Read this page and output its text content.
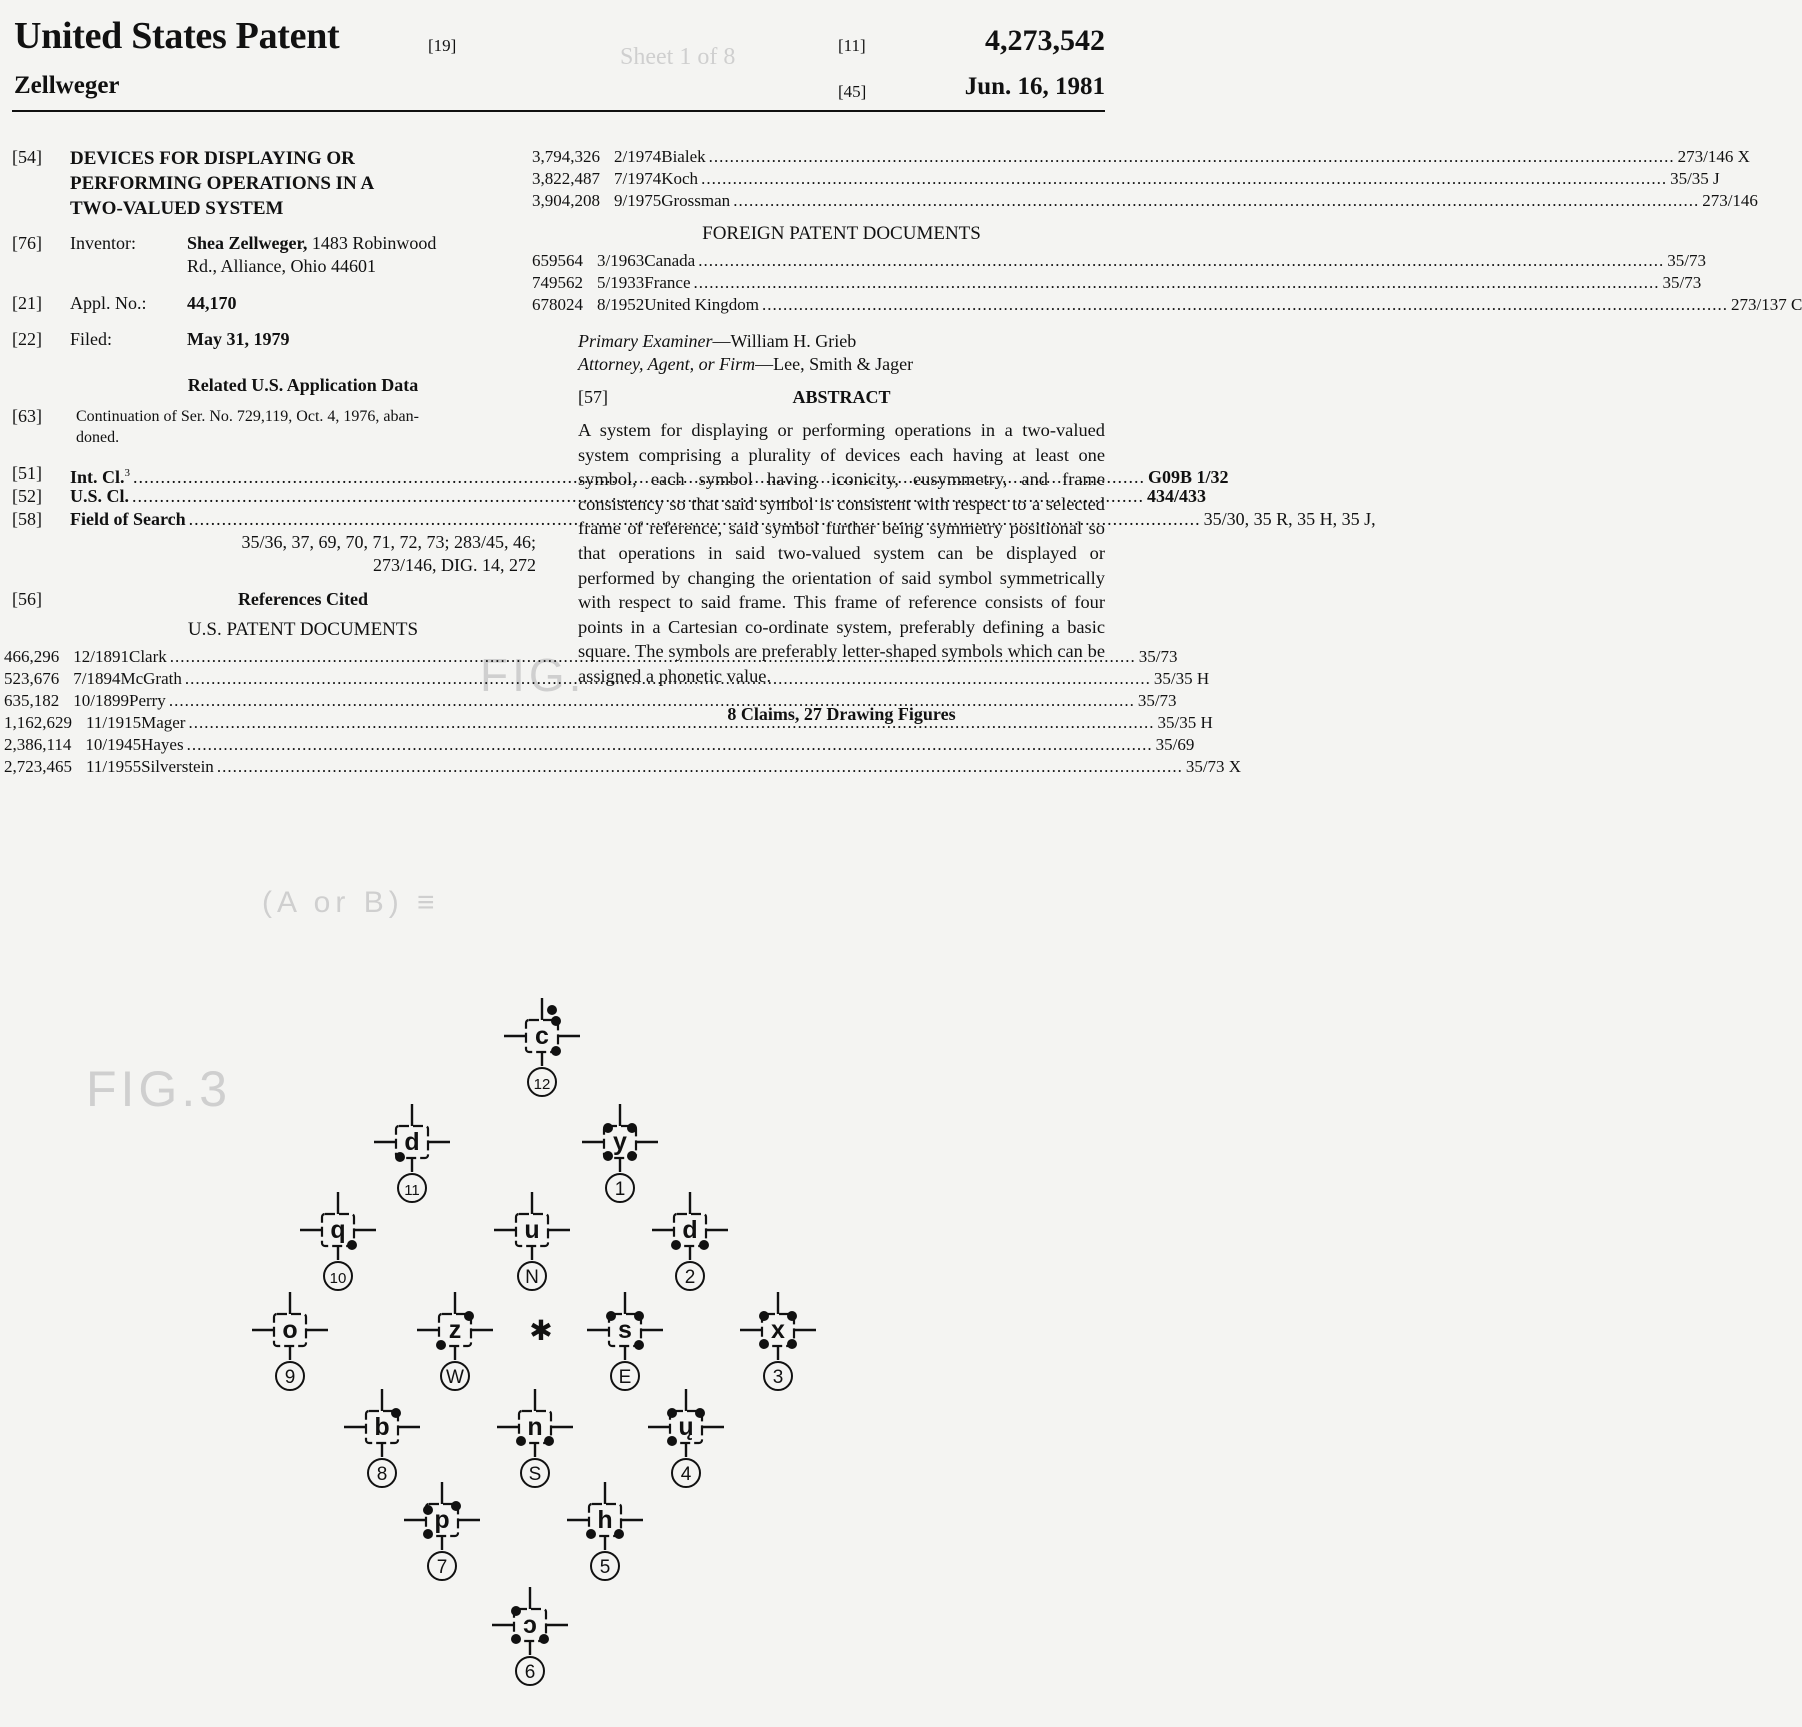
Sheet 1 of 8
FIG.3
FIG.
(A or B) ≡
United States Patent	[19]
Zellweger
[11]	4,273,542
[45]	Jun. 16, 1981
[54] DEVICES FOR DISPLAYING OR
PERFORMING OPERATIONS IN A
TWO-VALUED SYSTEM
[76] Inventor:	Shea Zellweger, 1483 Robinwood
Rd., Alliance, Ohio 44601
[21] Appl. No.: 44,170
[22] Filed:	May 31, 1979
Related U.S. Application Data
[63] Continuation of Ser. No. 729,119, Oct. 4, 1976, aban-
doned.
[51] Int. Cl.$^3$ .....	G09B 1/32
[52] U.S. Cl. .....	434/433
[58] Field of Search .....	35/30, 35 R, 35 H, 35 J,
35/36, 37, 69, 70, 71, 72, 73; 283/45, 46;
273/146, DIG. 14, 272
[56]	References Cited
U.S. PATENT DOCUMENTS
466,296 12/1891 Clark .....	35/73
523,676 7/1894 McGrath .....	35/35 H
635,182 10/1899 Perry .....	35/73
1,162,629 11/1915 Mager .....	35/35 H
2,386,114 10/1945 Hayes .....	35/69
2,723,465 11/1955 Silverstein .....	35/73 X
3,794,326 2/1974 Bialek .....	273/146 X
3,822,487 7/1974 Koch .....	35/35 J
3,904,208 9/1975 Grossman .....	273/146
FOREIGN PATENT DOCUMENTS
659564 3/1963 Canada .....	35/73
749562 5/1933 France .....	35/73
678024 8/1952 United Kingdom .....	273/137 C
Primary Examiner—William H. Grieb
Attorney, Agent, or Firm—Lee, Smith & Jager
[57]	ABSTRACT
A system for displaying or performing operations in a two-valued system comprising a plurality of devices each having at least one symbol, each symbol having iconicity, eusymmetry, and frame consistency so that said symbol is consistent with respect to a selected frame of reference, said symbol further being symmetry positional so that operations in said two-valued system can be displayed or performed by changing the orientation of said symbol symmetrically with respect to said frame. This frame of reference consists of four points in a Cartesian co-ordinate system, preferably defining a basic square. The symbols are preferably letter-shaped symbols which can be assigned a phonetic value.
8 Claims, 27 Drawing Figures
c
12
d
11
y
1
q
10
u
N
d
2
o
9
z
W
s
E
x
3
b
8
n
S
ų
4
p
7
h
5
ɔ
6
✱
